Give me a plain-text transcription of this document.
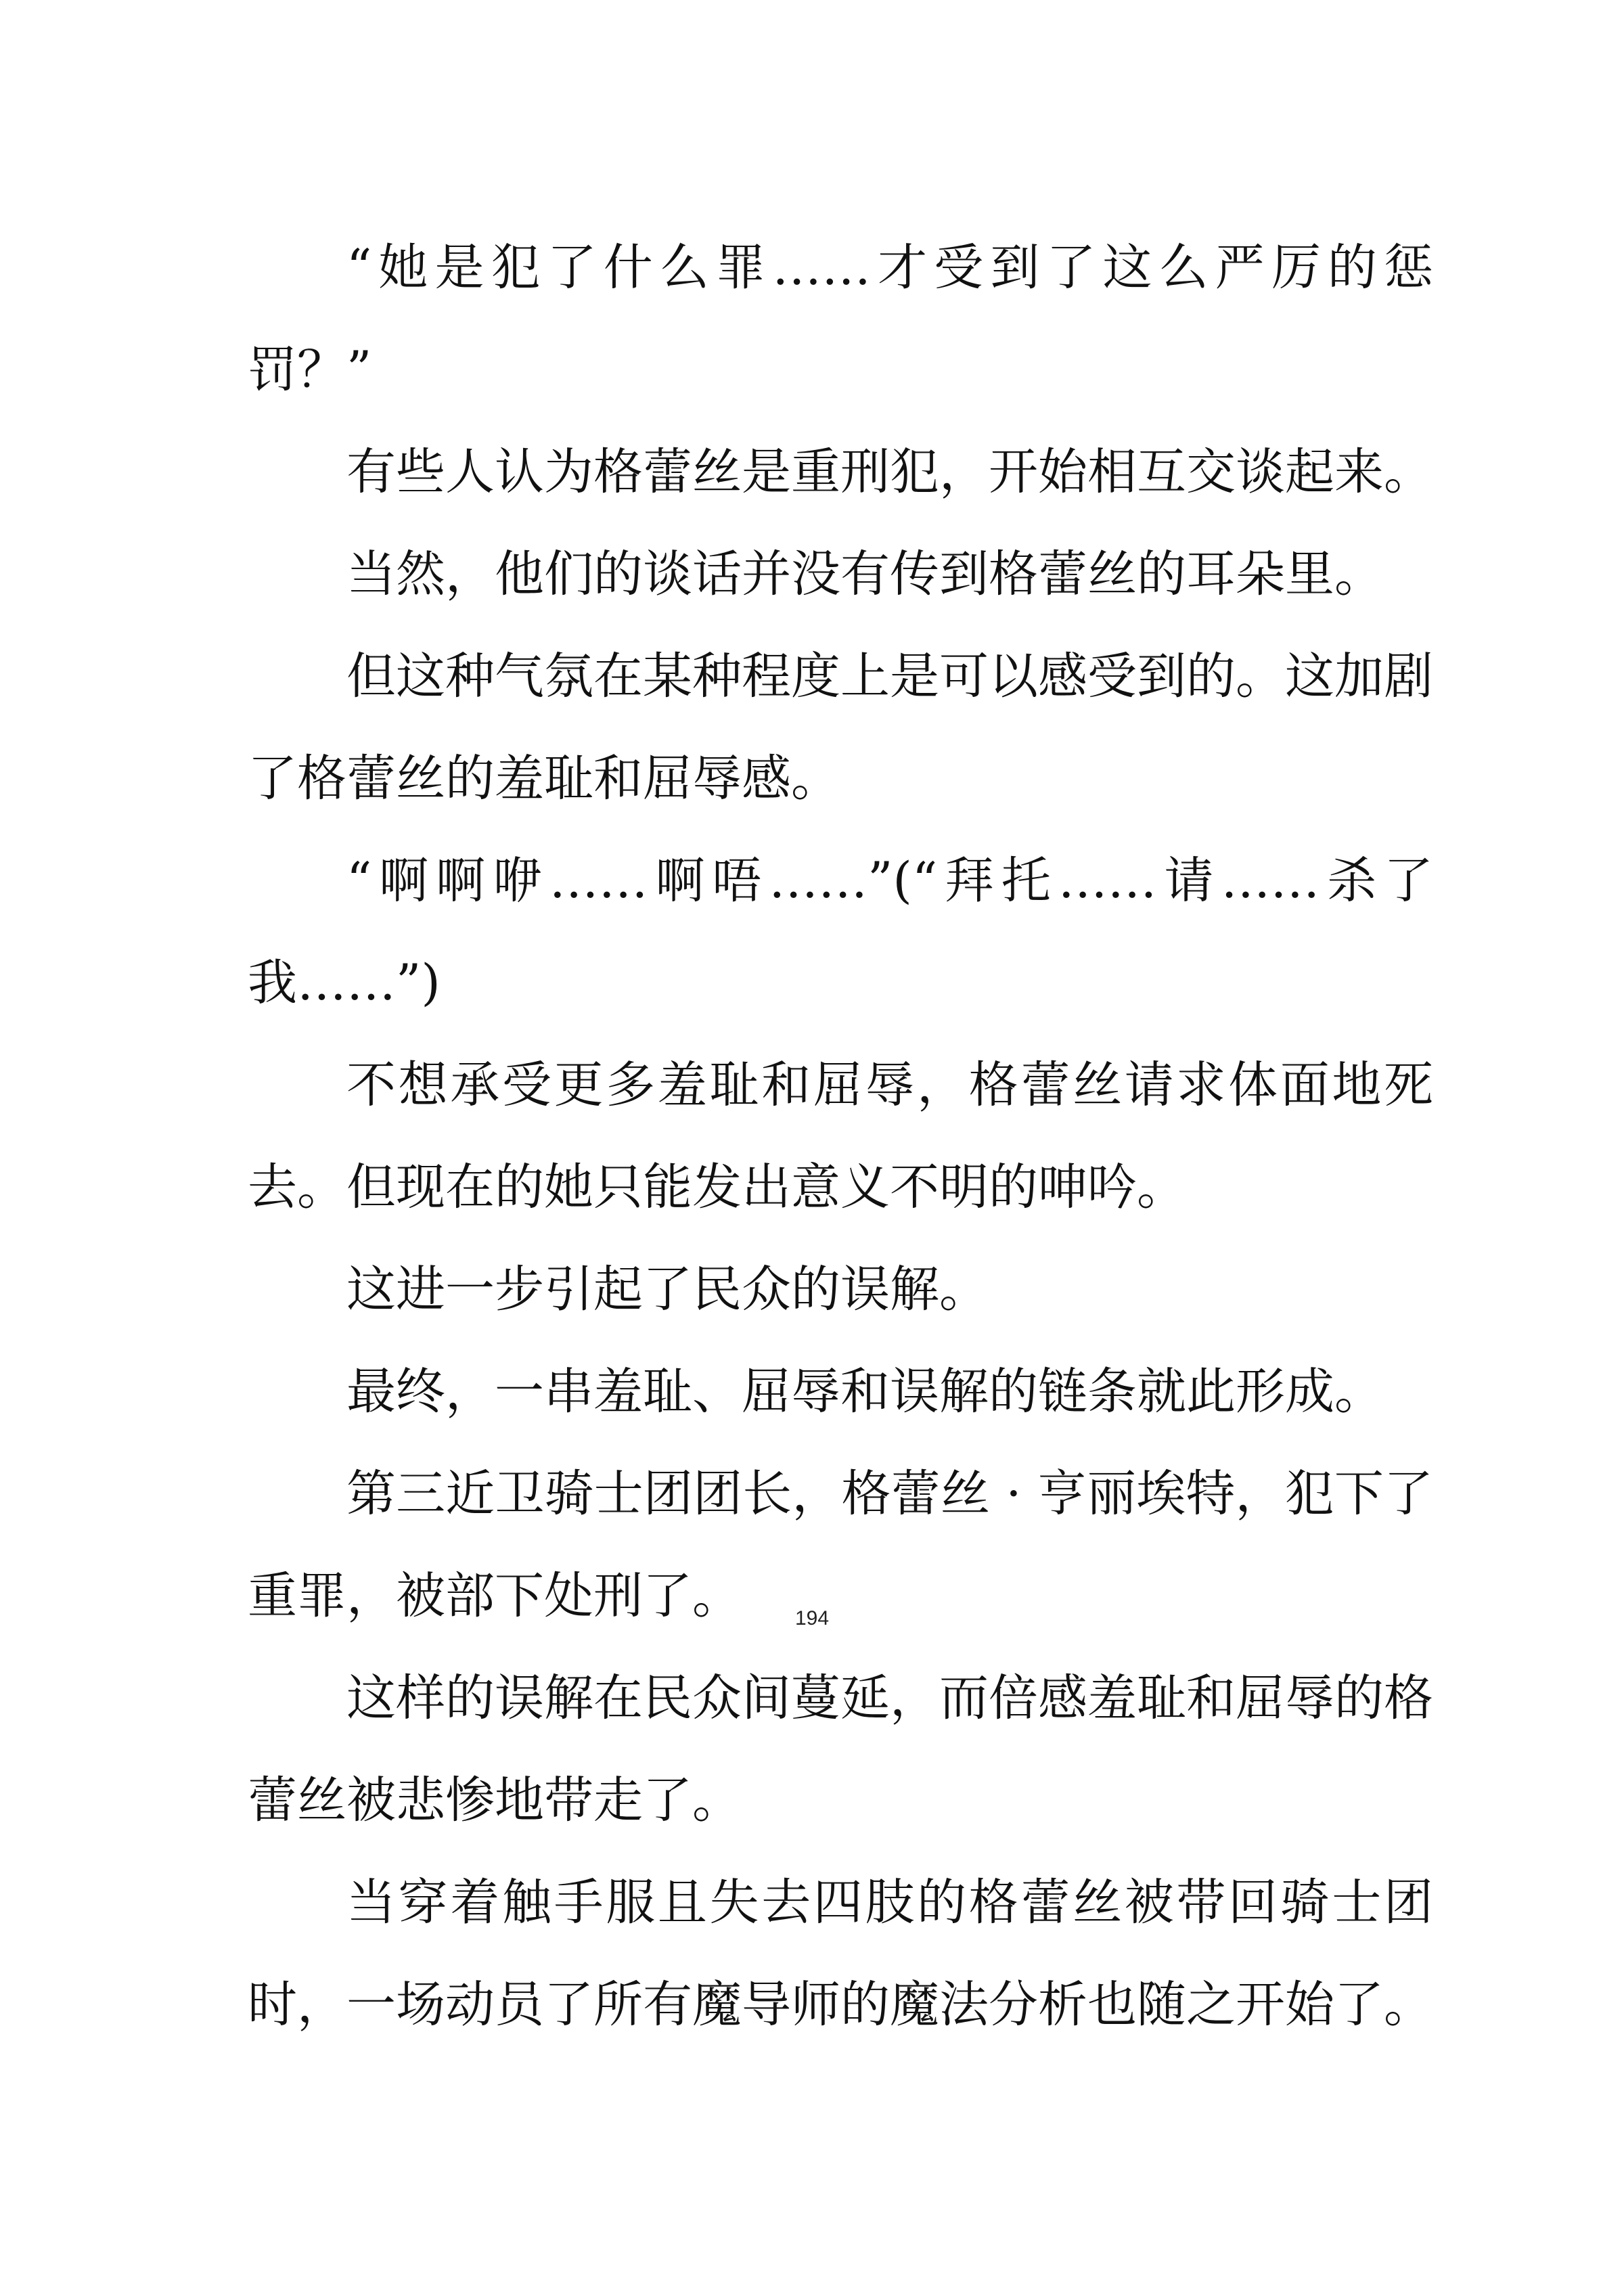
“她是犯了什么罪……才受到了这么严厉的惩罚？”

有些人认为格蕾丝是重刑犯，开始相互交谈起来。

当然，他们的谈话并没有传到格蕾丝的耳朵里。

但这种气氛在某种程度上是可以感受到的。这加剧了格蕾丝的羞耻和屈辱感。

“啊啊咿……啊唔……”(“拜托……请……杀了我……”)

不想承受更多羞耻和屈辱，格蕾丝请求体面地死去。但现在的她只能发出意义不明的呻吟。

这进一步引起了民众的误解。

最终，一串羞耻、屈辱和误解的链条就此形成。

第三近卫骑士团团长，格蕾丝 · 亨丽埃特，犯下了重罪，被部下处刑了。

这样的误解在民众间蔓延，而倍感羞耻和屈辱的格蕾丝被悲惨地带走了。

当穿着触手服且失去四肢的格蕾丝被带回骑士团时，一场动员了所有魔导师的魔法分析也随之开始了。

194
